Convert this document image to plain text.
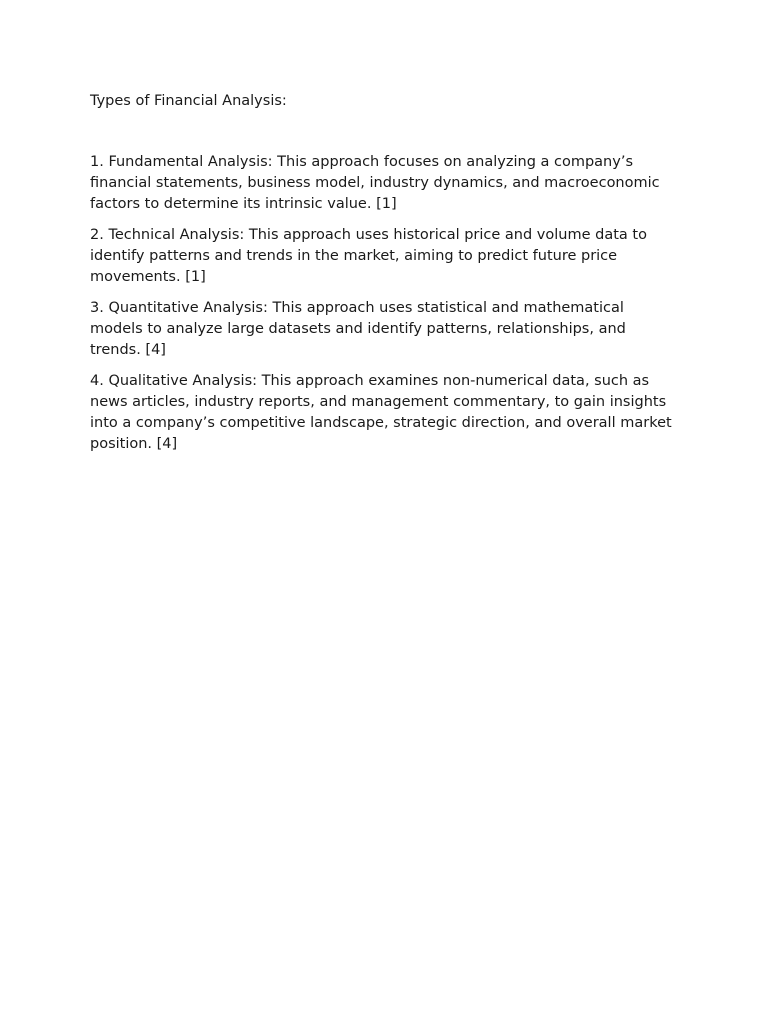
Types of Financial Analysis:

1. Fundamental Analysis: This approach focuses on analyzing a company’s financial statements, business model, industry dynamics, and macroeconomic factors to determine its intrinsic value. [1]
2. Technical Analysis: This approach uses historical price and volume data to identify patterns and trends in the market, aiming to predict future price movements. [1]
3. Quantitative Analysis: This approach uses statistical and mathematical models to analyze large datasets and identify patterns, relationships, and trends. [4]
4. Qualitative Analysis: This approach examines non-numerical data, such as news articles, industry reports, and management commentary, to gain insights into a company’s competitive landscape, strategic direction, and overall market position. [4]
